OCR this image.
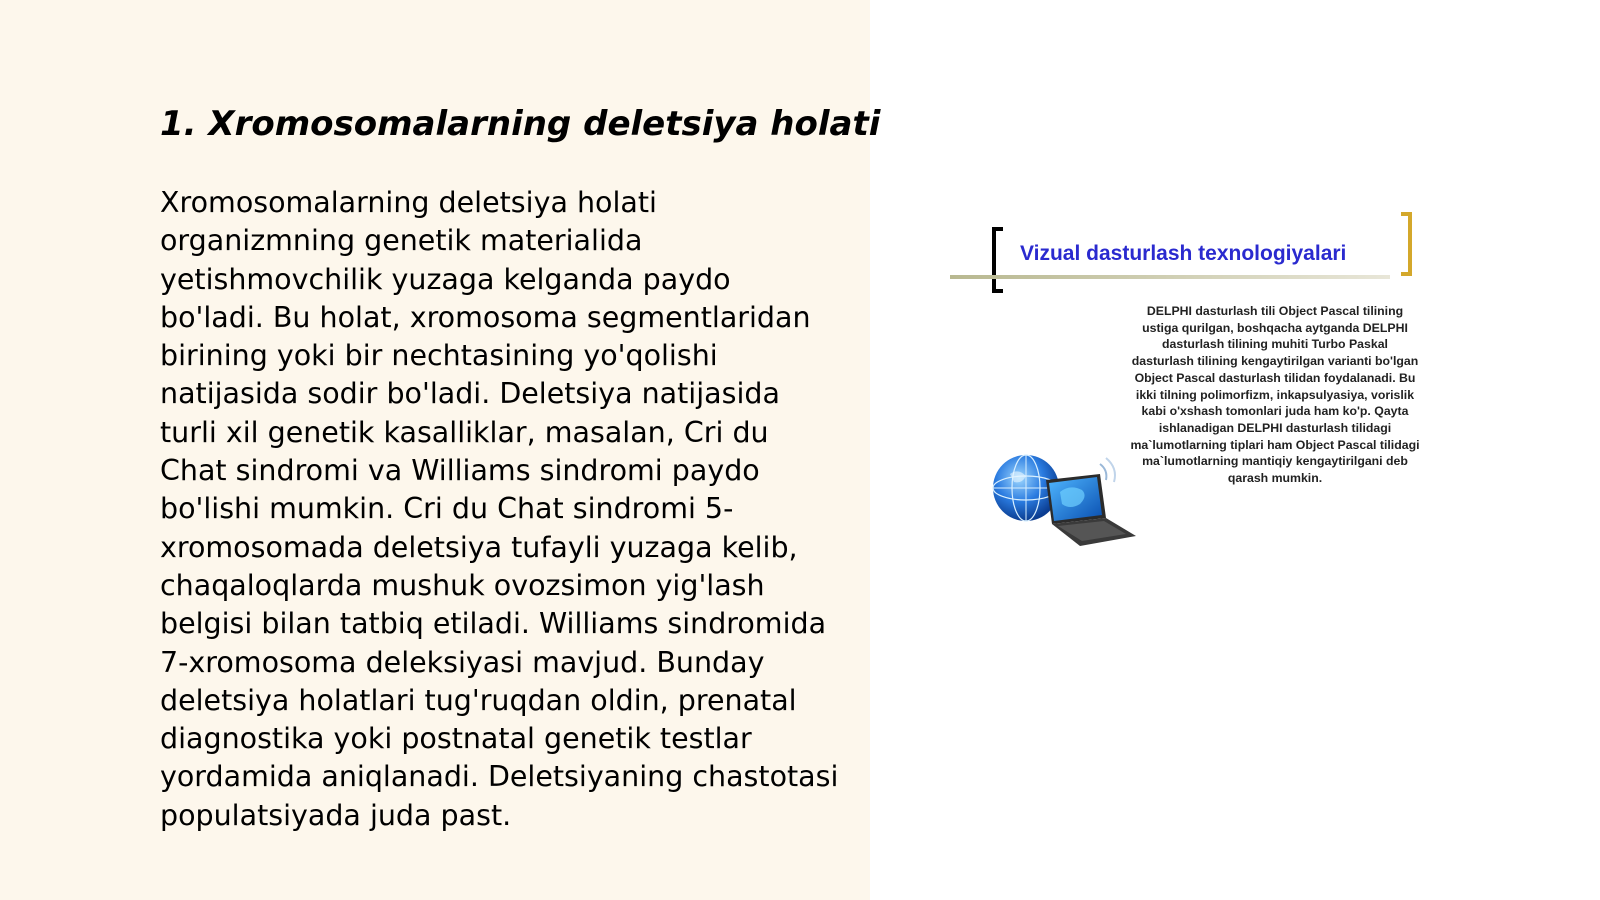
1. Xromosomalarning deletsiya holati

Xromosomalarning deletsiya holati organizmning genetik materialida yetishmovchilik yuzaga kelganda paydo bo'ladi. Bu holat, xromosoma segmentlaridan birining yoki bir nechtasining yo'qolishi natijasida sodir bo'ladi. Deletsiya natijasida turli xil genetik kasalliklar, masalan, Cri du Chat sindromi va Williams sindromi paydo bo'lishi mumkin. Cri du Chat sindromi 5-xromosomada deletsiya tufayli yuzaga kelib, chaqaloqlarda mushuk ovozsimon yig'lash belgisi bilan tatbiq etiladi. Williams sindromida 7-xromosoma deleksiyasi mavjud. Bunday deletsiya holatlari tug'ruqdan oldin, prenatal diagnostika yoki postnatal genetik testlar yordamida aniqlanadi. Deletsiyaning chastotasi populatsiyada juda past.

Vizual dasturlash texnologiyalari

DELPHI dasturlash tili Object Pascal tilining ustiga qurilgan, boshqacha aytganda DELPHI dasturlash tilining muhiti Turbo Paskal dasturlash tilining kengaytirilgan varianti bo'lgan Object Pascal dasturlash tilidan foydalanadi. Bu ikki tilning polimorfizm, inkapsulyasiya, vorislik kabi o'xshash tomonlari juda ham ko'p. Qayta ishlanadigan DELPHI dasturlash tilidagi ma`lumotlarning tiplari ham Object Pascal tilidagi ma`lumotlarning mantiqiy kengaytirilgani deb qarash mumkin.
